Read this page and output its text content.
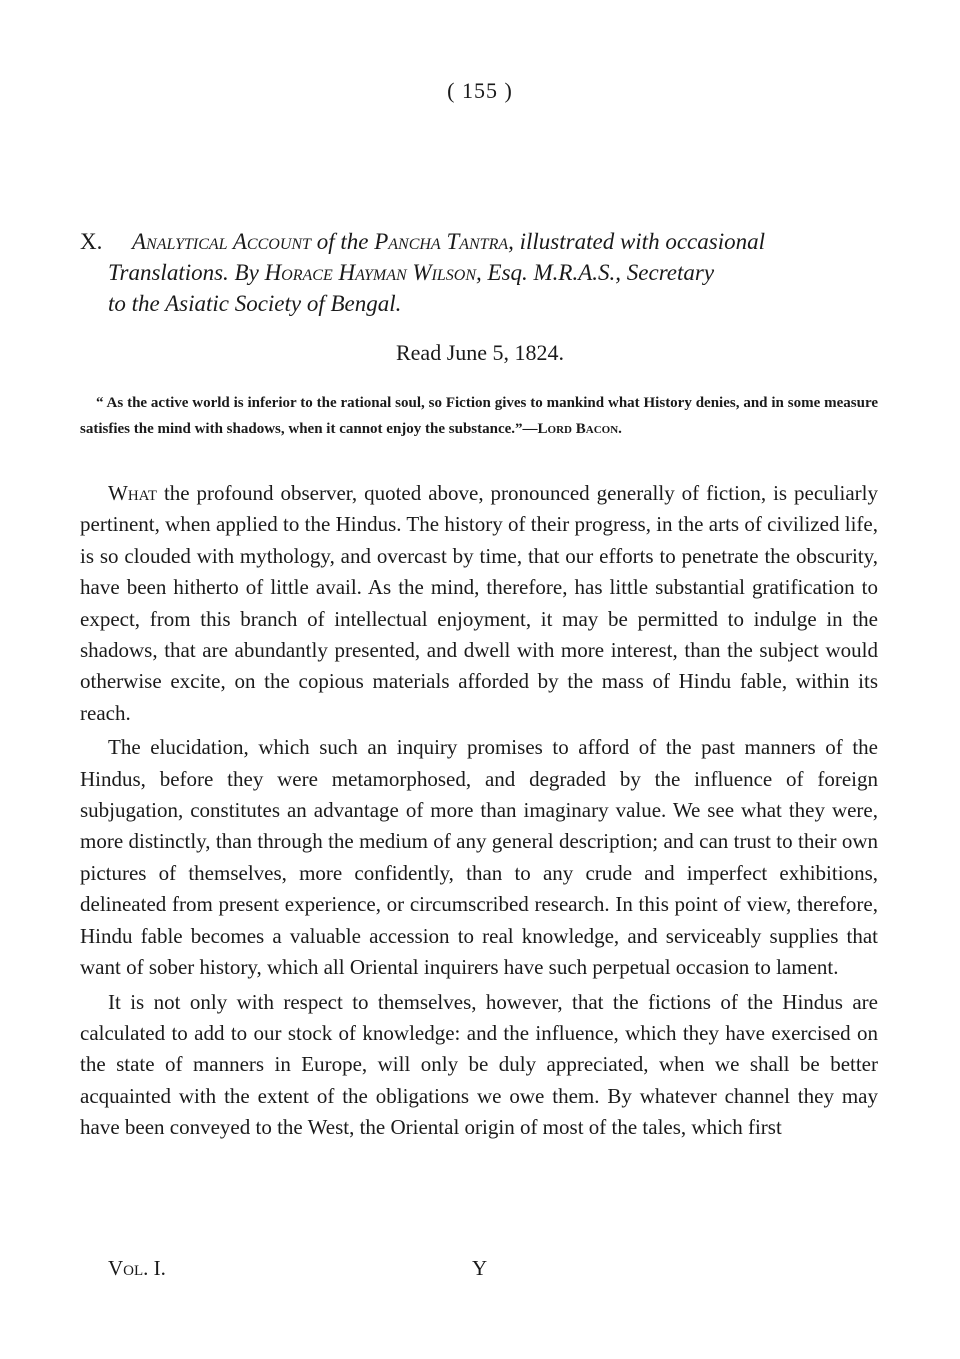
( 155 )
X. Analytical Account of the Pancha Tantra, illustrated with occasional
Translations. By Horace Hayman Wilson, Esq. M.R.A.S., Secretary
to the Asiatic Society of Bengal.
Read June 5, 1824.
“ As the active world is inferior to the rational soul, so Fiction gives to mankind what History denies, and in some measure satisfies the mind with shadows, when it cannot enjoy the substance.”—Lord Bacon.

What the profound observer, quoted above, pronounced generally of fiction, is peculiarly pertinent, when applied to the Hindus. The history of their progress, in the arts of civilized life, is so clouded with mythology, and overcast by time, that our efforts to penetrate the obscurity, have been hitherto of little avail. As the mind, therefore, has little substantial gratification to expect, from this branch of intellectual enjoyment, it may be permitted to indulge in the shadows, that are abundantly presented, and dwell with more interest, than the subject would otherwise excite, on the copious materials afforded by the mass of Hindu fable, within its reach.

The elucidation, which such an inquiry promises to afford of the past manners of the Hindus, before they were metamorphosed, and degraded by the influence of foreign subjugation, constitutes an advantage of more than imaginary value. We see what they were, more distinctly, than through the medium of any general description; and can trust to their own pictures of themselves, more confidently, than to any crude and imperfect exhibitions, delineated from present experience, or circumscribed research. In this point of view, therefore, Hindu fable becomes a valuable accession to real knowledge, and serviceably supplies that want of sober history, which all Oriental inquirers have such perpetual occasion to lament.

It is not only with respect to themselves, however, that the fictions of the Hindus are calculated to add to our stock of knowledge: and the influence, which they have exercised on the state of manners in Europe, will only be duly appreciated, when we shall be better acquainted with the extent of the obligations we owe them. By whatever channel they may have been conveyed to the West, the Oriental origin of most of the tales, which first

Vol. I.	Y
